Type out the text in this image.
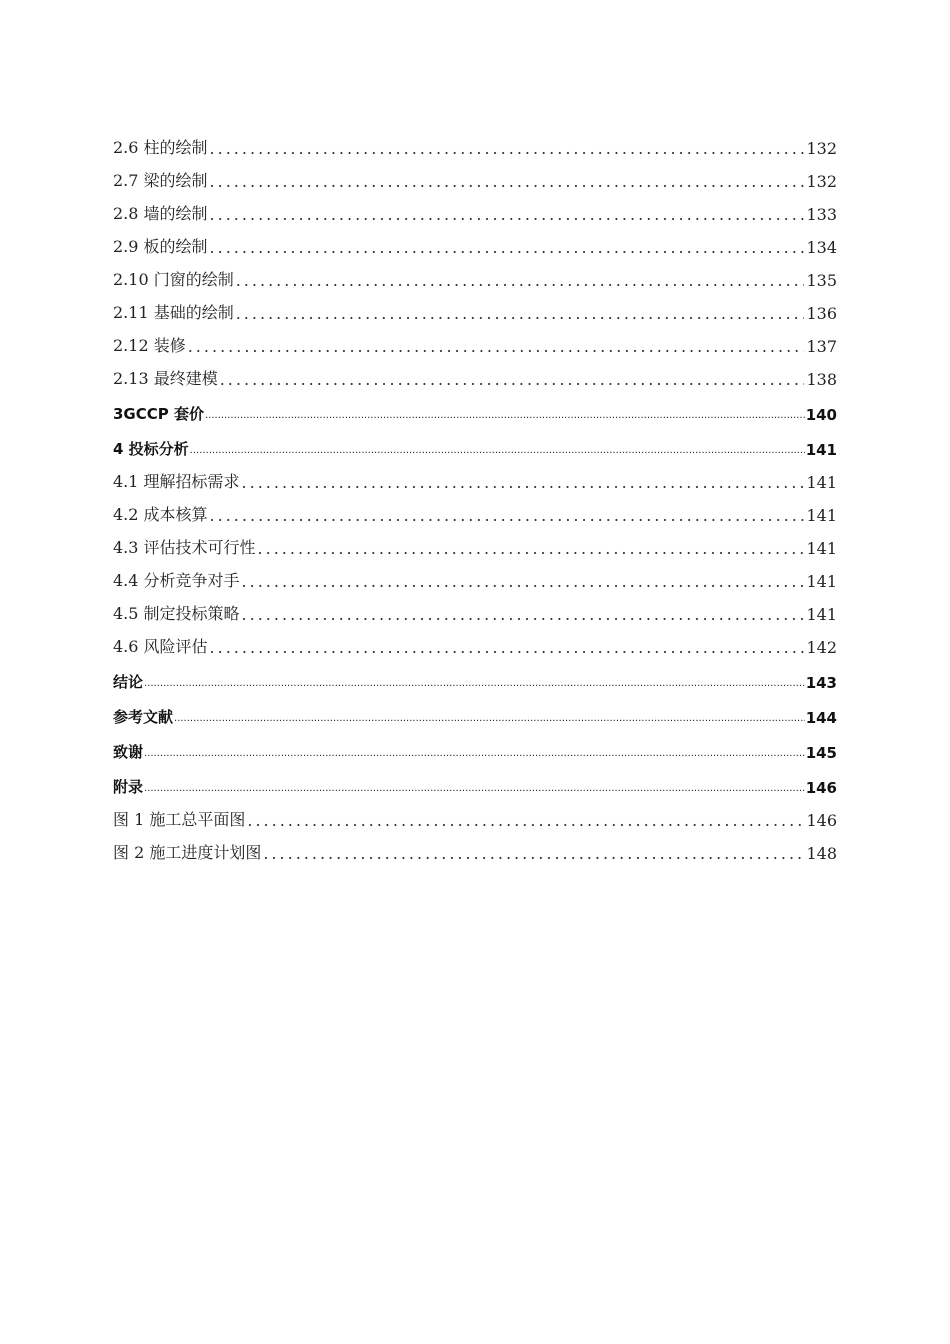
2.6 柱的绘制 .....	132
2.7 梁的绘制 .....	132
2.8 墙的绘制 .....	133
2.9 板的绘制 .....	134
2.10 门窗的绘制 .....	135
2.11 基础的绘制 .....	136
2.12 装修 .....	137
2.13 最终建模 .....	138
3GCCP 套价 .....	140
4 投标分析 .....	141
4.1 理解招标需求 .....	141
4.2 成本核算 .....	141
4.3 评估技术可行性 .....	141
4.4 分析竞争对手 .....	141
4.5 制定投标策略 .....	141
4.6 风险评估 .....	142
结论 .....	143
参考文献 .....	144
致谢 .....	145
附录 .....	146
图 1 施工总平面图 .....	146
图 2 施工进度计划图 .....	148
